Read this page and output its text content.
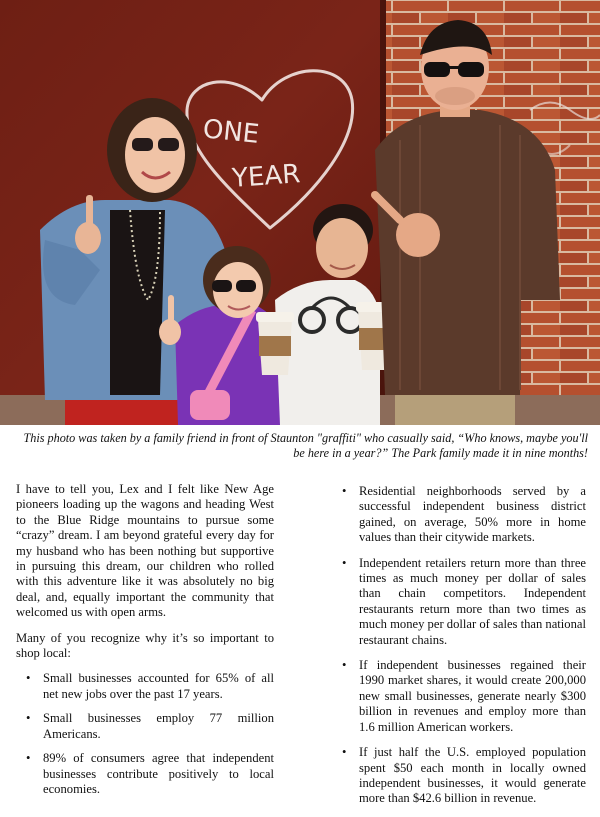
ONE
YEAR

This photo was taken by a family friend in front of Staunton "graffiti" who casually said, “Who knows, maybe you'll be here in a year?” The Park family made it in nine months!

I have to tell you, Lex and I felt like New Age pioneers loading up the wagons and heading West to the Blue Ridge mountains to pursue some “crazy” dream. I am beyond grateful every day for my husband who has been nothing but supportive in pursuing this dream, our children who rolled with this adventure like it was absolutely no big deal, and, equally important the community that welcomed us with open arms.

Many of you recognize why it’s so important to shop local:

• Small businesses accounted for 65% of all net new jobs over the past 17 years.
• Small businesses employ 77 million Americans.
• 89% of consumers agree that independent businesses contribute positively to local economies.
• Residential neighborhoods served by a successful independent business district gained, on average, 50% more in home values than their citywide markets.
• Independent retailers return more than three times as much money per dollar of sales than chain competitors. Independent restaurants return more than two times as much money per dollar of sales than national restaurant chains.
• If independent businesses regained their 1990 market shares, it would create 200,000 new small businesses, generate nearly $300 billion in revenues and employ more than 1.6 million American workers.
• If just half the U.S. employed population spent $50 each month in locally owned independent businesses, it would generate more than $42.6 billion in revenue.
